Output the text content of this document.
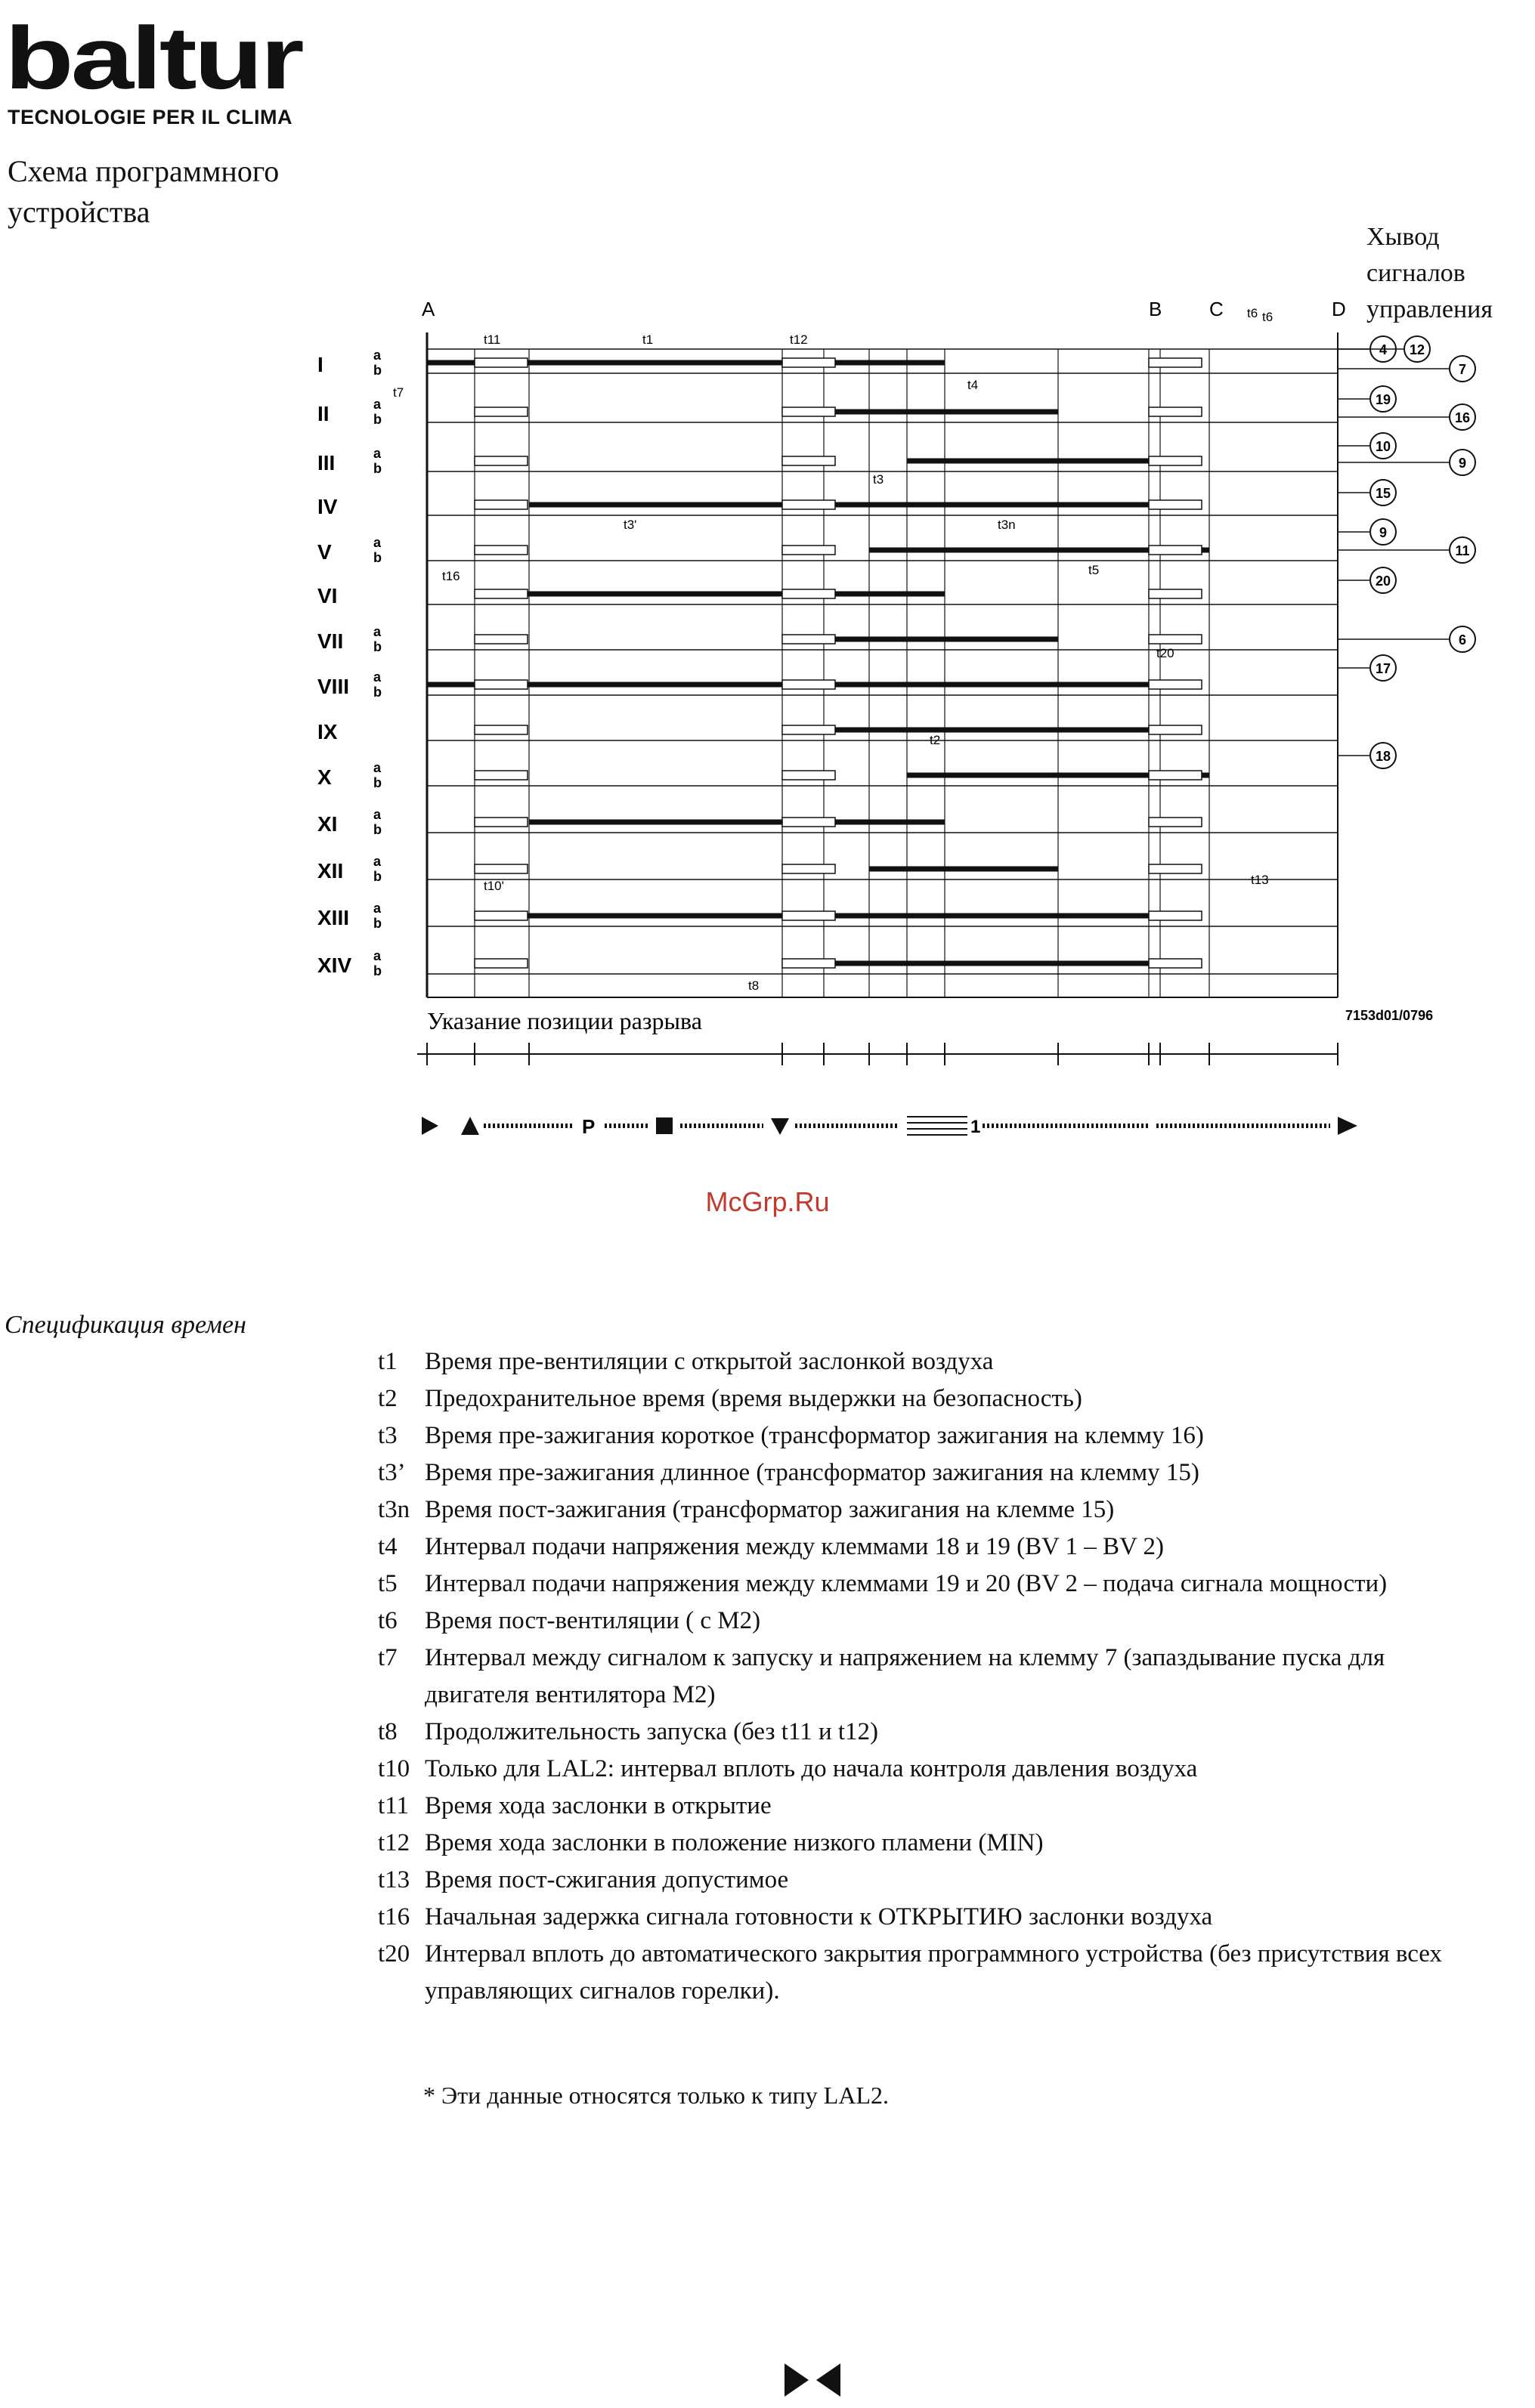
baltur
TECNOLOGIE PER IL CLIMA
Схема программного
устройства
Хывод
сигналов
управления
A	B C	D
I	a
b
II	a
b
III	a
b
IV
V	a
b
VI
VII a
b
VIII a
b
IX
X	a
b
XI	a
b
XII a
b
XIII a
b
XIV a
b
t11	t1	t12
t4
t3
t3'	t3n
t5
t6
t16
t7
t20
t2
t10'	t13
t8
t6
4 12
7
19
16
10
9
15
9
11
20
6
17
18
Указание позиции разрыва	7153d01/0796
P	1
McGrp.Ru
Спецификация времен
t1	Время пре-вентиляции с открытой заслонкой воздуха
t2	Предохранительное время (время выдержки на безопасность)
t3	Время пре-зажигания короткое (трансформатор зажигания на клемму 16)
t3’ Время пре-зажигания длинное (трансформатор зажигания на клемму 15)
t3n Время пост-зажигания (трансформатор зажигания на клемме 15)
t4	Интервал подачи напряжения между клеммами 18 и 19 (BV 1 – BV 2)
t5	Интервал подачи напряжения между клеммами 19 и 20 (BV 2 – подача сигнала мощности)
t6	Время пост-вентиляции ( с M2)
t7	Интервал между сигналом к запуску и напряжением на клемму 7 (запаздывание пуска для двигателя вентилятора M2)
t8	Продолжительность запуска (без t11 и t12)
t10 Только для LAL2: интервал вплоть до начала контроля давления воздуха
t11 Время хода заслонки в открытие
t12 Время хода заслонки в положение низкого пламени (MIN)
t13 Время пост-сжигания допустимое
t16 Начальная задержка сигнала готовности к ОТКРЫТИЮ заслонки воздуха
t20 Интервал вплоть до автоматического закрытия программного устройства (без присутствия всех управляющих сигналов горелки).
* Эти данные относятся только к типу LAL2.
